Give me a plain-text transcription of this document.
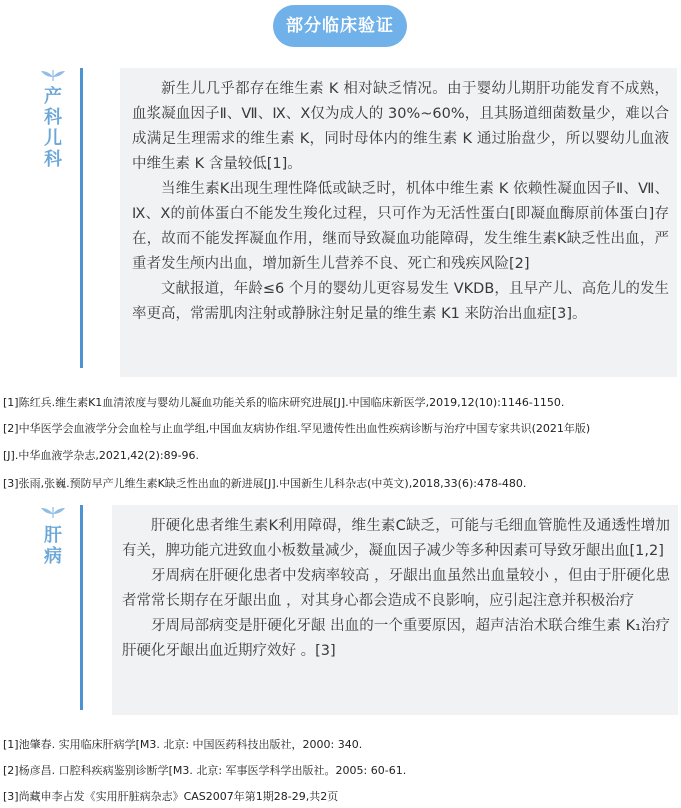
部分临床验证
产
科
儿
科

新生儿几乎都存在维生素 K 相对缺乏情况。由于婴幼儿期肝功能发育不成熟，血浆凝血因子Ⅱ、Ⅶ、Ⅸ、Ⅹ仅为成人的 30%~60%，且其肠道细菌数量少，难以合成满足生理需求的维生素 K，同时母体内的维生素 K 通过胎盘少，所以婴幼儿血液中维生素 K 含量较低[1]。

当维生素K出现生理性降低或缺乏时，机体中维生素 K 依赖性凝血因子Ⅱ、Ⅶ、Ⅸ、Ⅹ的前体蛋白不能发生羧化过程，只可作为无活性蛋白[即凝血酶原前体蛋白]存在，故而不能发挥凝血作用，继而导致凝血功能障碍，发生维生素K缺乏性出血，严重者发生颅内出血，增加新生儿营养不良、死亡和残疾风险[2]

文献报道，年龄≤6 个月的婴幼儿更容易发生 VKDB，且早产儿、高危儿的发生率更高，常需肌肉注射或静脉注射足量的维生素 K1 来防治出血症[3]。

[1]陈红兵.维生素K1血清浓度与婴幼儿凝血功能关系的临床研究进展[J].中国临床新医学,2019,12(10):1146-1150.
[2]中华医学会血液学分会血栓与止血学组,中国血友病协作组.罕见遗传性出血性疾病诊断与治疗中国专家共识(2021年版)
[J].中华血液学杂志,2021,42(2):89-96.
[3]张雨,张巍.预防早产儿维生素K缺乏性出血的新进展[J].中国新生儿科杂志(中英文),2018,33(6):478-480.
肝
病

肝硬化患者维生素K利用障碍，维生素C缺乏，可能与毛细血管脆性及通透性增加有关，脾功能亢进致血小板数量减少，凝血因子减少等多种因素可导致牙龈出血[1,2]

牙周病在肝硬化患者中发病率较高 ，牙龈出血虽然出血量较小 ，但由于肝硬化患者常常长期存在牙龈出血 ，对其身心都会造成不良影响，应引起注意并积极治疗

牙周局部病变是肝硬化牙龈 出血的一个重要原因，超声洁治术联合维生素 K₁治疗肝硬化牙龈出血近期疗效好 。[3]

[1]池肇春. 实用临床肝病学[M3. 北京: 中国医药科技出版社，2000: 340.
[2]杨彦昌. 口腔科疾病鉴别诊断学[M3. 北京: 军事医学科学出版社。2005: 60-61.
[3]尚藏申李占发《实用肝脏病杂志》CAS2007年第1期28-29,共2页
